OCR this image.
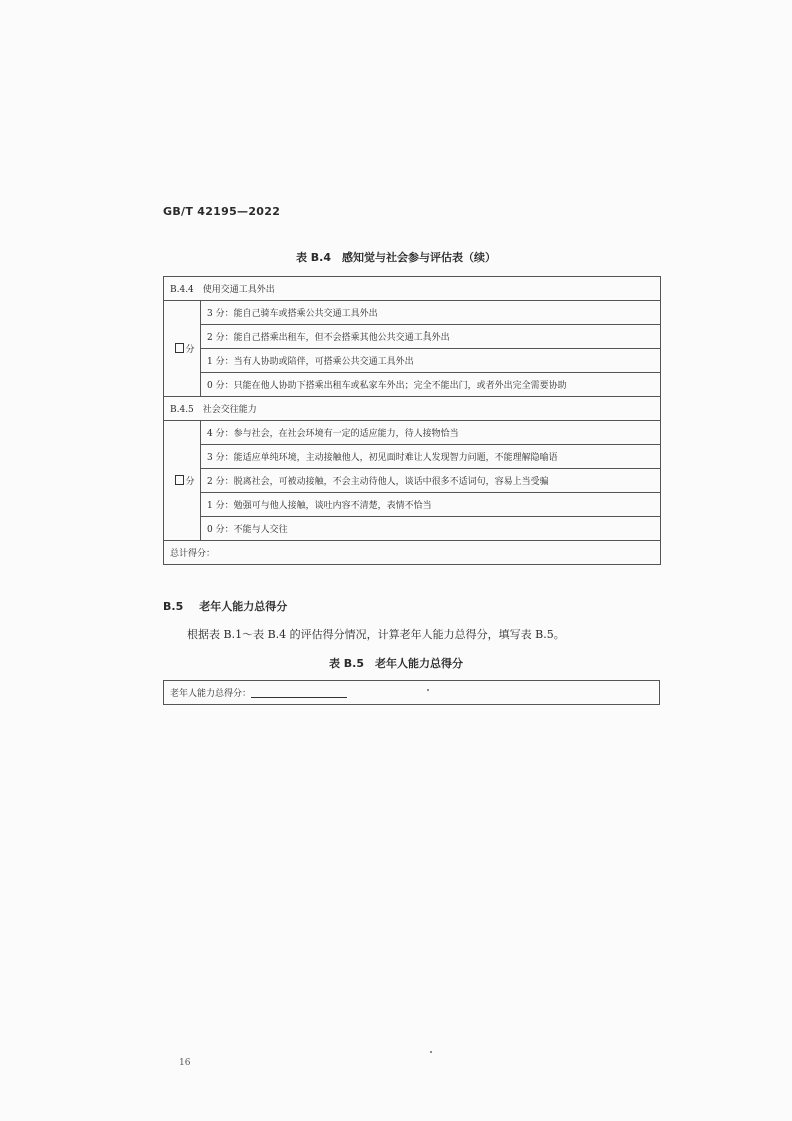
GB/T 42195—2022
表 B.4　感知觉与社会参与评估表（续）
B.4.4　使用交通工具外出	
分	3 分：能自己骑车或搭乘公共交通工具外出
	2 分：能自己搭乘出租车，但不会搭乘其他公共交通工具外出
	1 分：当有人协助或陪伴，可搭乘公共交通工具外出
	0 分：只能在他人协助下搭乘出租车或私家车外出；完全不能出门，或者外出完全需要协助
B.4.5　社会交往能力	
分	4 分：参与社会，在社会环境有一定的适应能力，待人接物恰当
	3 分：能适应单纯环境，主动接触他人，初见面时难让人发现智力问题，不能理解隐喻语
	2 分：脱离社会，可被动接触，不会主动待他人，谈话中很多不适词句，容易上当受骗
	1 分：勉强可与他人接触，谈吐内容不清楚，表情不恰当
	0 分：不能与人交往
总计得分：	
B.5 老年人能力总得分
根据表 B.1～表 B.4 的评估得分情况，计算老年人能力总得分，填写表 B.5。
表 B.5　老年人能力总得分
老年人能力总得分：
16
